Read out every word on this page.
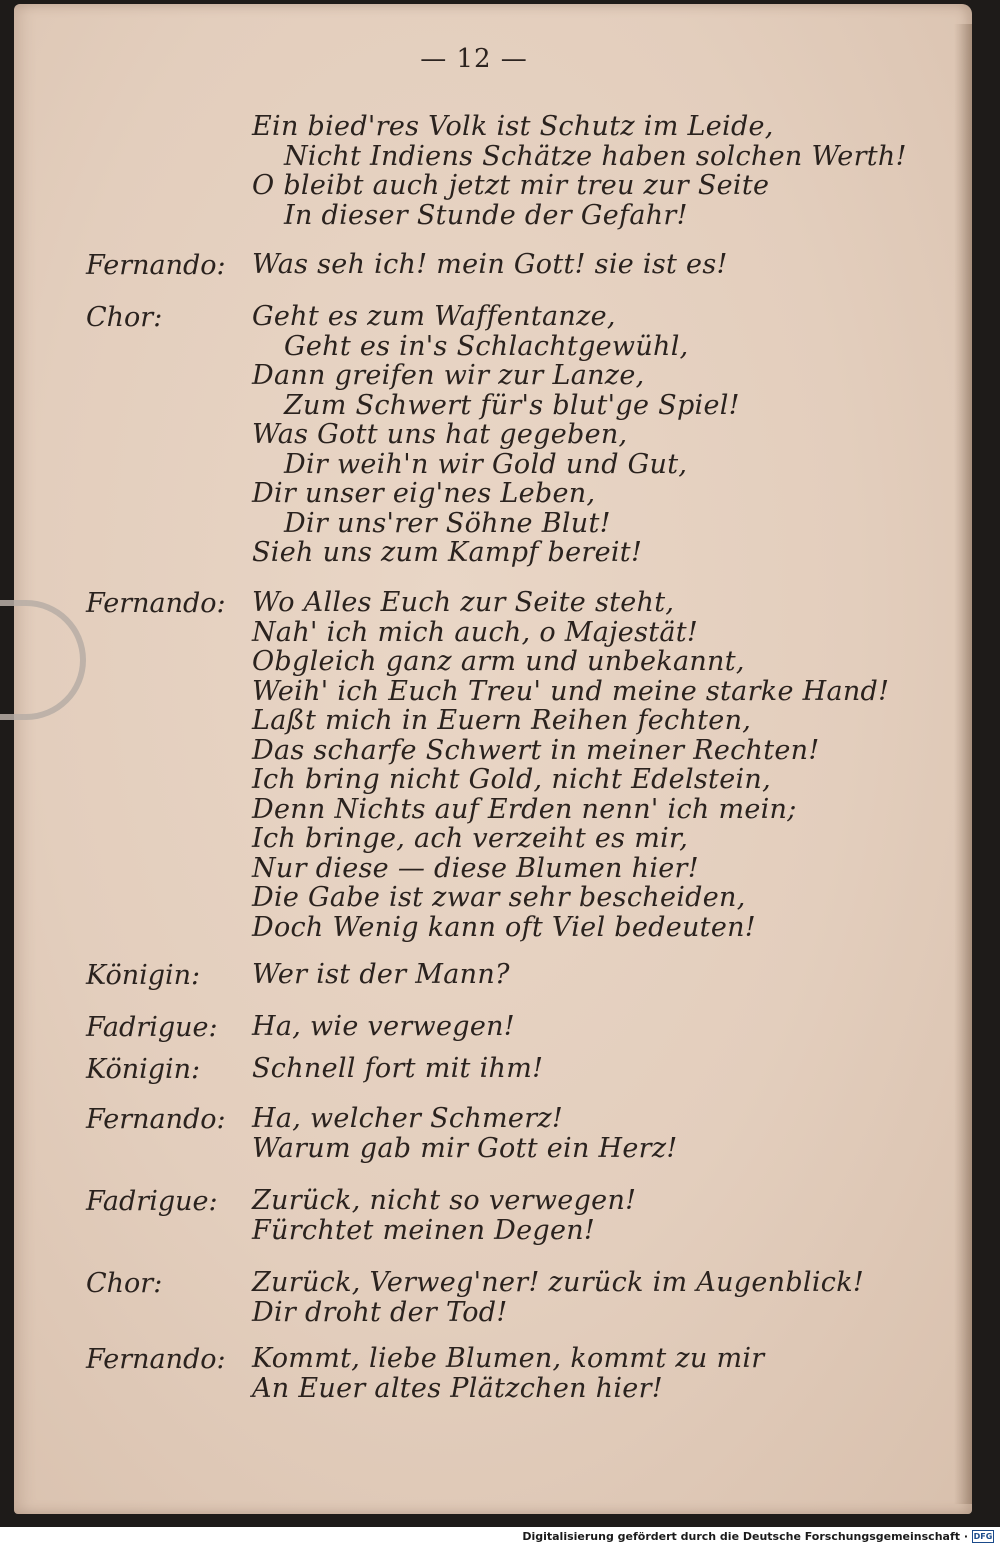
— 12 —
Ein bied'res Volk ist Schutz im Leide,
Nicht Indiens Schätze haben solchen Werth!
O bleibt auch jetzt mir treu zur Seite
In dieser Stunde der Gefahr!
Fernando: Was seh ich! mein Gott! sie ist es!
Chor:	Geht es zum Waffentanze,
Geht es in's Schlachtgewühl,
Dann greifen wir zur Lanze,
Zum Schwert für's blut'ge Spiel!
Was Gott uns hat gegeben,
Dir weih'n wir Gold und Gut,
Dir unser eig'nes Leben,
Dir uns'rer Söhne Blut!
Sieh uns zum Kampf bereit!
Fernando: Wo Alles Euch zur Seite steht,
Nah' ich mich auch, o Majestät!
Obgleich ganz arm und unbekannt,
Weih' ich Euch Treu' und meine starke Hand!
Laßt mich in Euern Reihen fechten,
Das scharfe Schwert in meiner Rechten!
Ich bring nicht Gold, nicht Edelstein,
Denn Nichts auf Erden nenn' ich mein;
Ich bringe, ach verzeiht es mir,
Nur diese — diese Blumen hier!
Die Gabe ist zwar sehr bescheiden,
Doch Wenig kann oft Viel bedeuten!
Königin: Wer ist der Mann?
Fadrigue: Ha, wie verwegen!
Königin: Schnell fort mit ihm!
Fernando: Ha, welcher Schmerz!
Warum gab mir Gott ein Herz!
Fadrigue: Zurück, nicht so verwegen!
Fürchtet meinen Degen!
Chor:	Zurück, Verweg'ner! zurück im Augenblick!
Dir droht der Tod!
Fernando: Kommt, liebe Blumen, kommt zu mir
An Euer altes Plätzchen hier!
Digitalisierung gefördert durch die Deutsche Forschungsgemeinschaft · DFG
